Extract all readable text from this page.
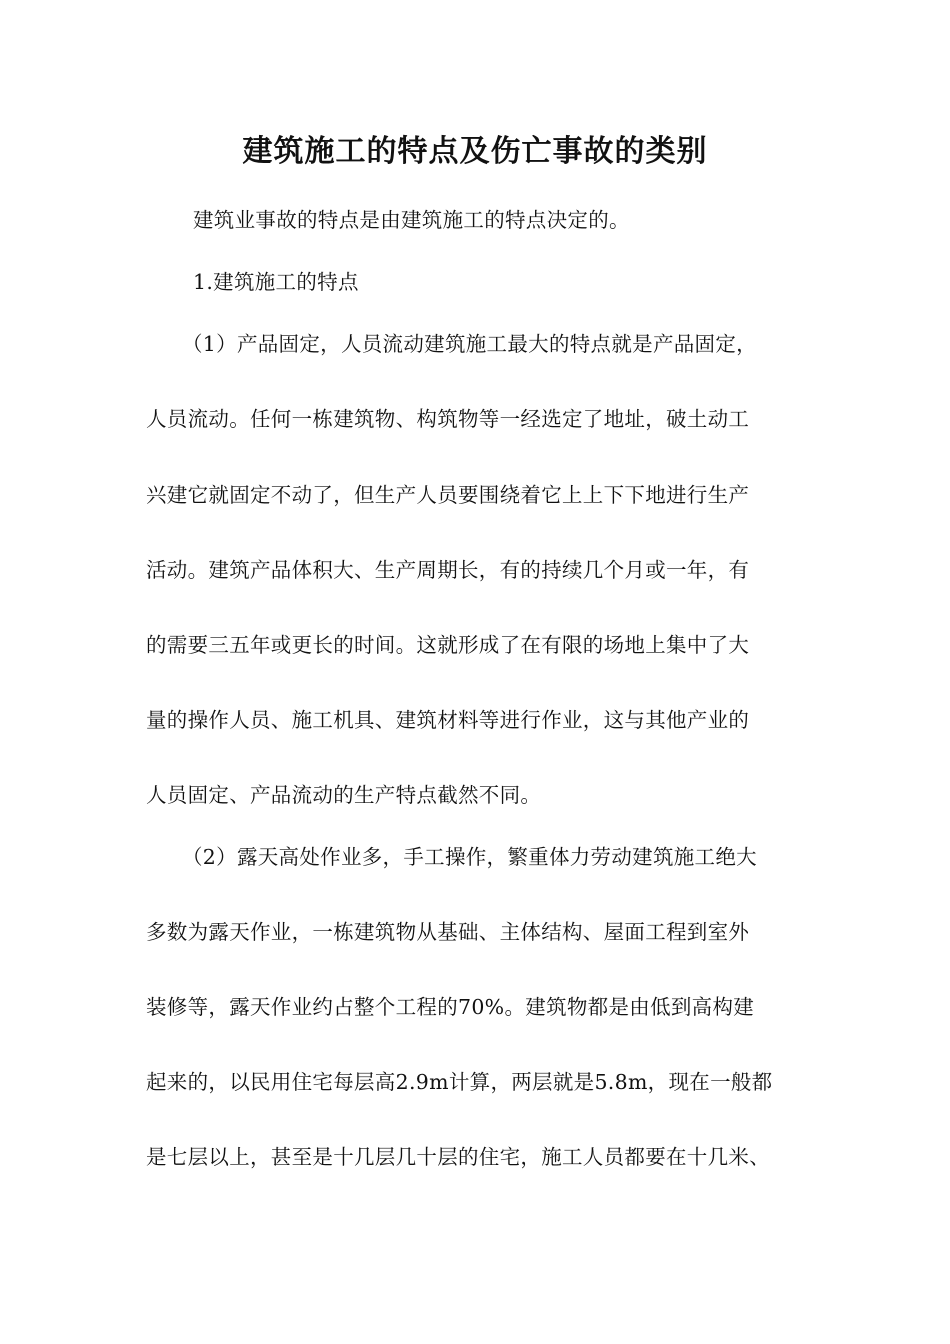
建筑施工的特点及伤亡事故的类别
建筑业事故的特点是由建筑施工的特点决定的。
1.建筑施工的特点
（1）产品固定，人员流动建筑施工最大的特点就是产品固定，
人员流动。任何一栋建筑物、构筑物等一经选定了地址，破土动工
兴建它就固定不动了，但生产人员要围绕着它上上下下地进行生产
活动。建筑产品体积大、生产周期长，有的持续几个月或一年，有
的需要三五年或更长的时间。这就形成了在有限的场地上集中了大
量的操作人员、施工机具、建筑材料等进行作业，这与其他产业的
人员固定、产品流动的生产特点截然不同。
（2）露天高处作业多，手工操作，繁重体力劳动建筑施工绝大
多数为露天作业，一栋建筑物从基础、主体结构、屋面工程到室外
装修等，露天作业约占整个工程的70%。建筑物都是由低到高构建
起来的，以民用住宅每层高2.9m计算，两层就是5.8m，现在一般都
是七层以上，甚至是十几层几十层的住宅，施工人员都要在十几米、
